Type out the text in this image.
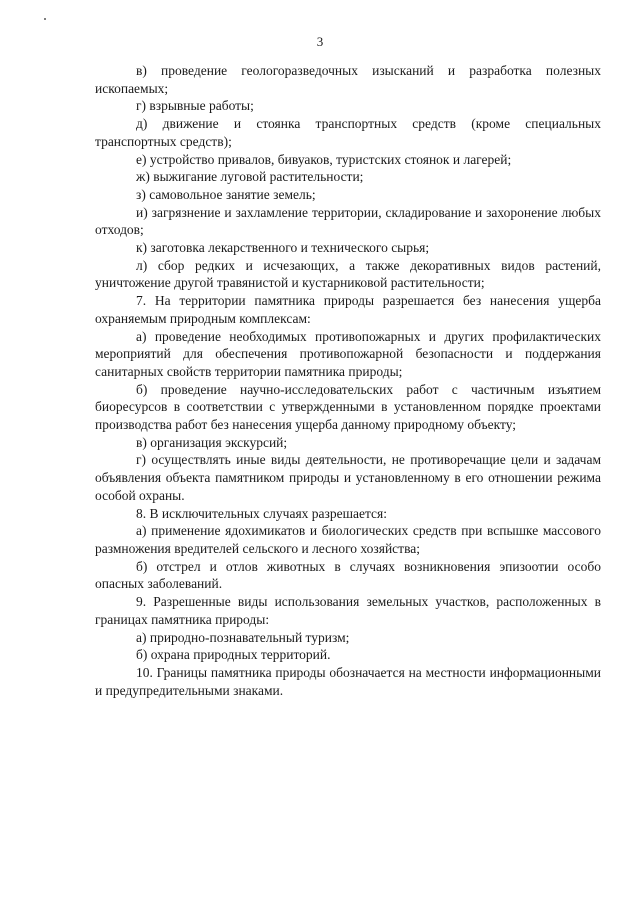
3

в) проведение геологоразведочных изысканий и разработка полезных ископаемых;

г) взрывные работы;

д) движение и стоянка транспортных средств (кроме специальных транспортных средств);

е) устройство привалов, бивуаков, туристских стоянок и лагерей;

ж) выжигание луговой растительности;

з) самовольное занятие земель;

и) загрязнение и захламление территории, складирование и захоронение любых отходов;

к) заготовка лекарственного и технического сырья;

л) сбор редких и исчезающих, а также декоративных видов растений, уничтожение другой травянистой и кустарниковой растительности;

7. На территории памятника природы разрешается без нанесения ущерба охраняемым природным комплексам:

а) проведение необходимых противопожарных и других профилактических мероприятий для обеспечения противопожарной безопасности и поддержания санитарных свойств территории памятника природы;

б) проведение научно-исследовательских работ с частичным изъятием биоресурсов в соответствии с утвержденными в установленном порядке проектами производства работ без нанесения ущерба данному природному объекту;

в) организация экскурсий;

г) осуществлять иные виды деятельности, не противоречащие цели и задачам объявления объекта памятником природы и установленному в его отношении режима особой охраны.

8. В исключительных случаях разрешается:

а) применение ядохимикатов и биологических средств при вспышке массового размножения вредителей сельского и лесного хозяйства;

б) отстрел и отлов животных в случаях возникновения эпизоотии особо опасных заболеваний.

9. Разрешенные виды использования земельных участков, расположенных в границах памятника природы:

а) природно-познавательный туризм;

б) охрана природных территорий.

10. Границы памятника природы обозначается на местности информационными и предупредительными знаками.
